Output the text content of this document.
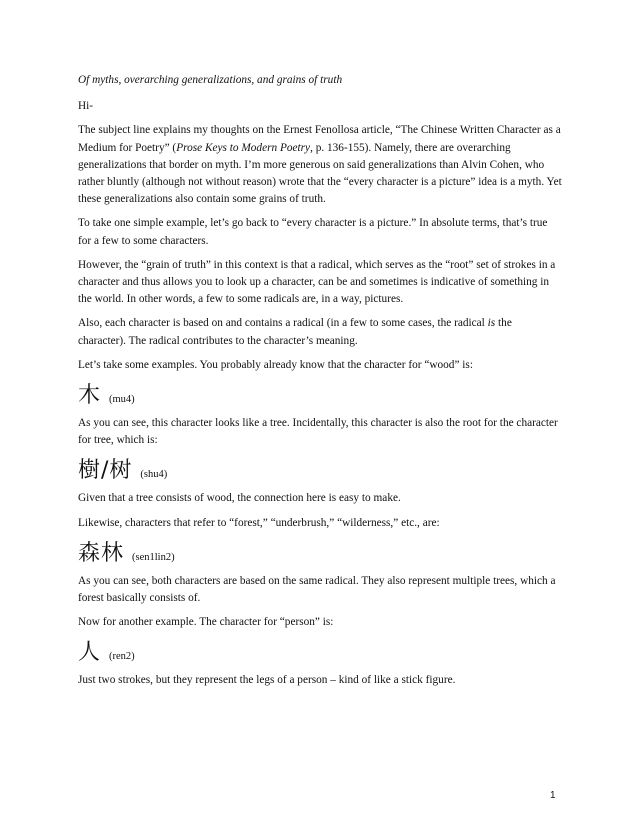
Of myths, overarching generalizations, and grains of truth

Hi-

The subject line explains my thoughts on the Ernest Fenollosa article, “The Chinese Written Character as a Medium for Poetry” (Prose Keys to Modern Poetry, p. 136-155). Namely, there are overarching generalizations that border on myth. I’m more generous on said generalizations than Alvin Cohen, who rather bluntly (although not without reason) wrote that the “every character is a picture” idea is a myth. Yet these generalizations also contain some grains of truth.

To take one simple example, let’s go back to “every character is a picture.” In absolute terms, that’s true for a few to some characters.

However, the “grain of truth” in this context is that a radical, which serves as the “root” set of strokes in a character and thus allows you to look up a character, can be and sometimes is indicative of something in the world. In other words, a few to some radicals are, in a way, pictures.

Also, each character is based on and contains a radical (in a few to some cases, the radical is the character). The radical contributes to the character’s meaning.

Let’s take some examples. You probably already know that the character for “wood” is:

木 (mu4)

As you can see, this character looks like a tree. Incidentally, this character is also the root for the character for tree, which is:

樹/树 (shu4)

Given that a tree consists of wood, the connection here is easy to make.

Likewise, characters that refer to “forest,” “underbrush,” “wilderness,” etc., are:

森林 (sen1lin2)

As you can see, both characters are based on the same radical. They also represent multiple trees, which a forest basically consists of.

Now for another example. The character for “person” is:

人 (ren2)

Just two strokes, but they represent the legs of a person – kind of like a stick figure.

1
